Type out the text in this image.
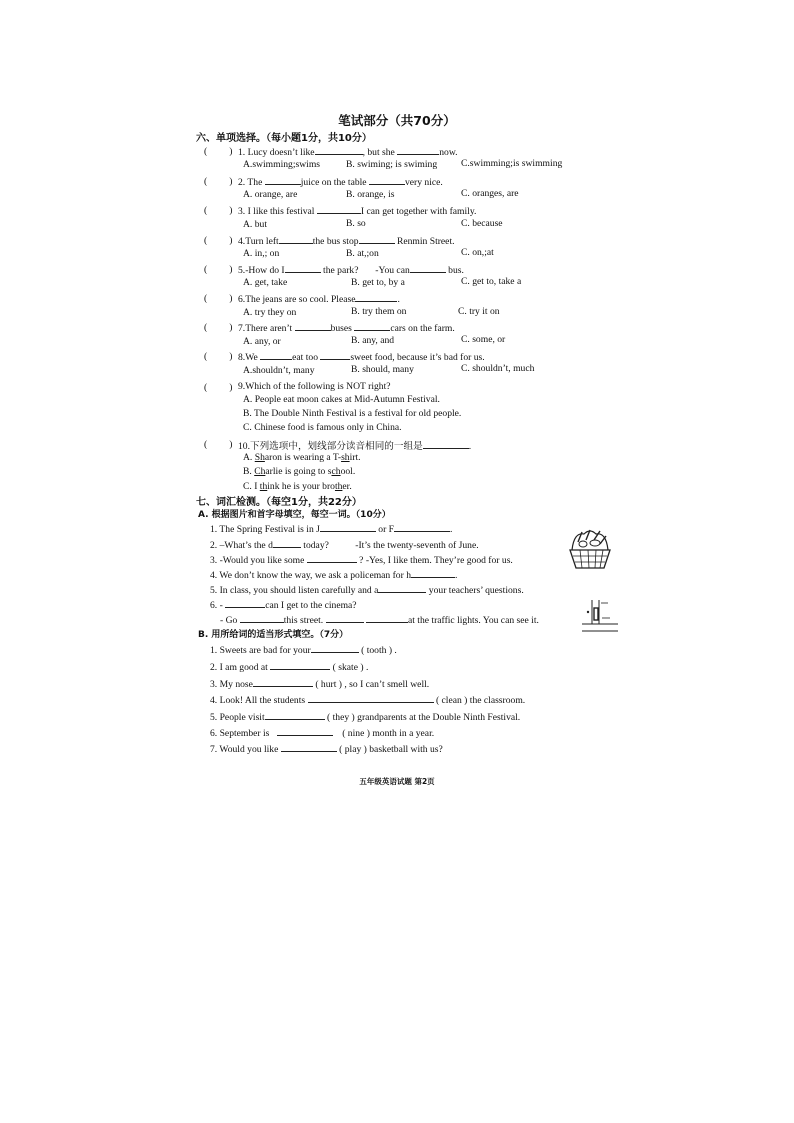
笔试部分（共70分）
六、单项选择。（每小题1分，共10分）
( ) 1. Lucy doesn’t like	, but she	now.
A.swimming;swims	B. swiming; is swiming C.swimming;is swimming
( ) 2. The	juice on the table	very nice.
A. orange, are	B. orange, is	C. oranges, are
( ) 3. I like this festival	I can get together with family.
A. but	B. so	C. because
( ) 4.Turn left	the bus stop	Renmin Street.
A. in,; on	B. at,;on	C. on,;at
( ) 5.-How do I	the park? -You can	bus.
A. get, take	B. get to, by a	C. get to, take a
( ) 6.The jeans are so cool. Please	.
A. try they on	B. try them on	C. try it on
( ) 7.There aren’t	buses	cars on the farm.
A. any, or	B. any, and	C. some, or
( ) 8.We	eat too	sweet food, because it’s bad for us.
A.shouldn’t, many	B. should, many	C. shouldn’t, much
( ) 9.Which of the following is NOT right?
A. People eat moon cakes at Mid-Autumn Festival.
B. The Double Ninth Festival is a festival for old people.
C. Chinese food is famous only in China.
( ) 10.下列选项中，划线部分读音相同的一组是	.
A. Sharon is wearing a T-shirt.
B. Charlie is going to school.
C. I think he is your brother.
七、词汇检测。（每空1分，共22分）
A. 根据图片和首字母填空，每空一词。（10分）
1. The Spring Festival is in J	or F	.
2. –What’s the d	today?	-It’s the twenty-seventh of June.
3. -Would you like some	? -Yes, I like them. They’re good for us.
4. We don’t know the way, we ask a policeman for h	.
5. In class, you should listen carefully and a	your teachers’ questions.
6. -	can I get to the cinema?
- Go	this street.	at the traffic lights. You can see it.
B. 用所给词的适当形式填空。（7分）
1. Sweets are bad for your	( tooth ) .
2. I am good at	( skate ) .
3. My nose	( hurt ) , so I can’t smell well.
4. Look! All the students	( clean ) the classroom.
5. People visit	( they ) grandparents at the Double Ninth Festival.
6. September is	( nine ) month in a year.
7. Would you like	( play ) basketball with us?
五年级英语试题 第2页
